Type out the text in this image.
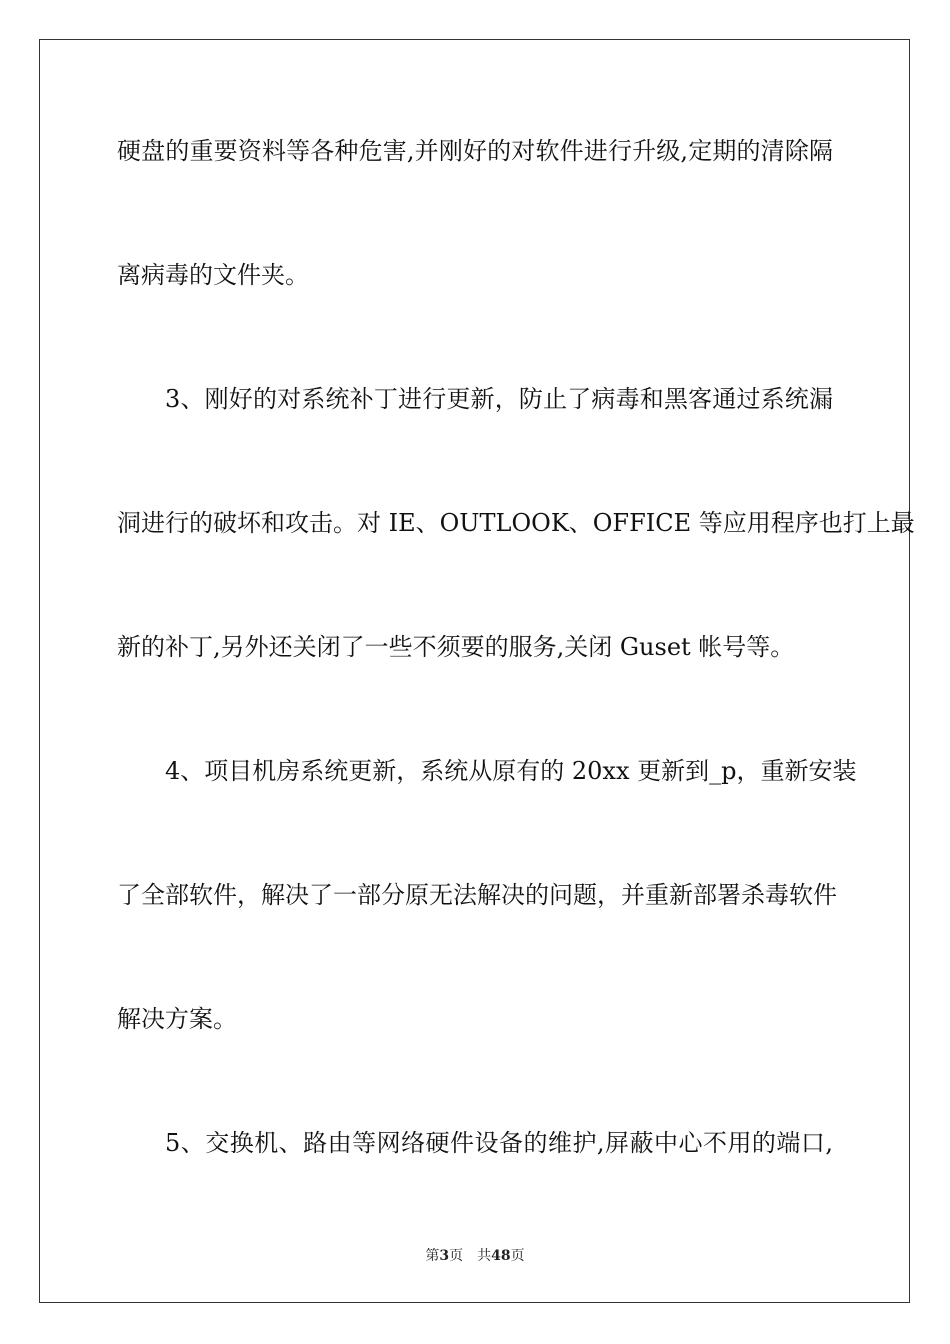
硬盘的重要资料等各种危害,并刚好的对软件进行升级,定期的清除隔
离病毒的文件夹。
3、刚好的对系统补丁进行更新，防止了病毒和黑客通过系统漏
洞进行的破坏和攻击。对 IE、OUTLOOK、OFFICE 等应用程序也打上最
新的补丁,另外还关闭了一些不须要的服务,关闭 Guset 帐号等。
4、项目机房系统更新，系统从原有的 20xx 更新到_p，重新安装
了全部软件，解决了一部分原无法解决的问题，并重新部署杀毒软件
解决方案。
5、交换机、路由等网络硬件设备的维护,屏蔽中心不用的端口,
第3页 共48页
